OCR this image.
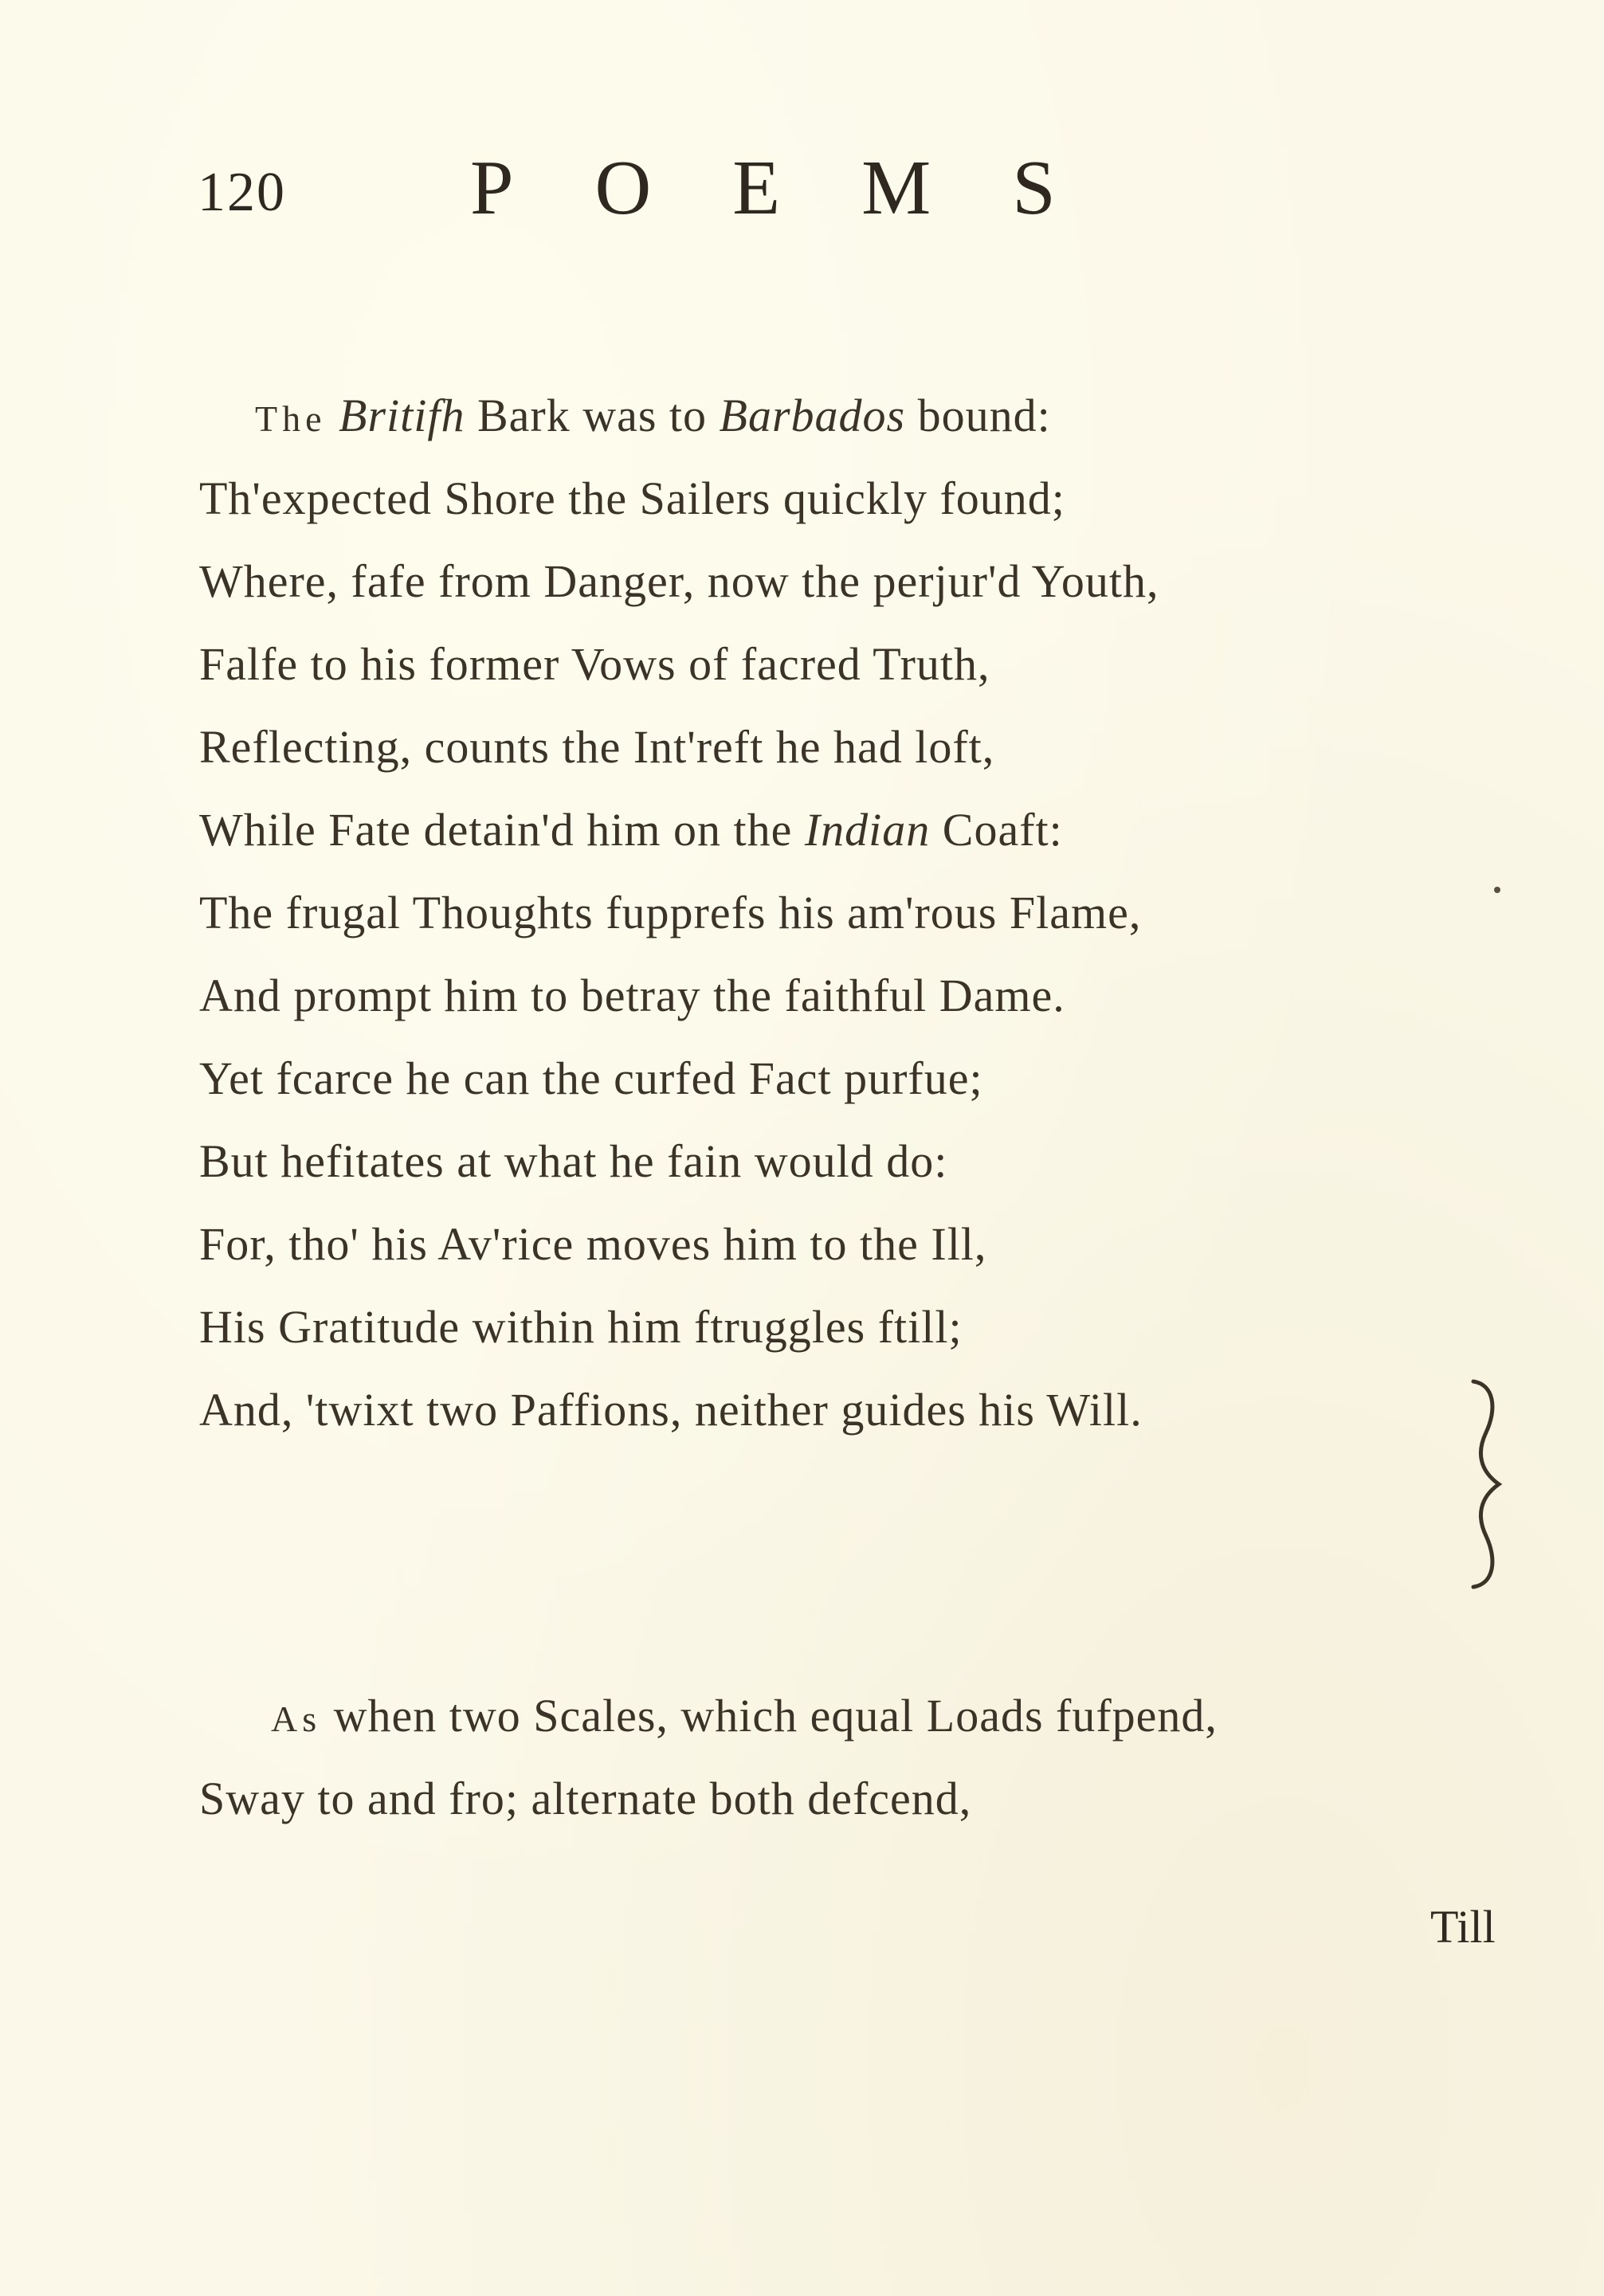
120 POEMS
The Britifh Bark was to Barbados bound:
Th'expected Shore the Sailers quickly found;
Where, fafe from Danger, now the perjur'd Youth,
Falfe to his former Vows of facred Truth,
Reflecting, counts the Int'reft he had loft,
While Fate detain'd him on the Indian Coaft:
The frugal Thoughts fupprefs his am'rous Flame,
And prompt him to betray the faithful Dame.
Yet fcarce he can the curfed Fact purfue;
But hefitates at what he fain would do:
For, tho' his Av'rice moves him to the Ill,
His Gratitude within him ftruggles ftill;
And, 'twixt two Paffions, neither guides his Will.
As when two Scales, which equal Loads fufpend,
Sway to and fro; alternate both defcend,
Till
